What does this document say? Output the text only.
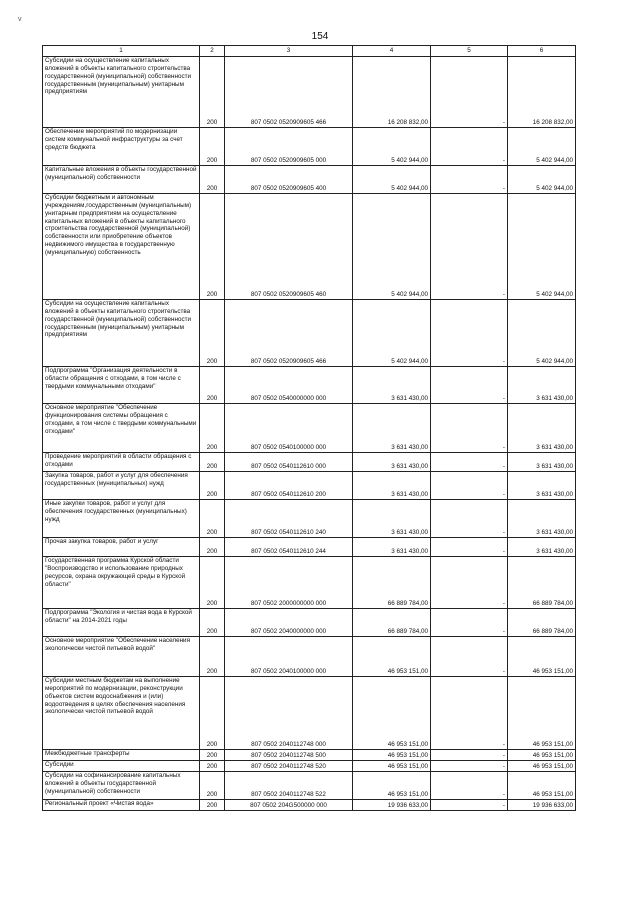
v
154
1	2	3	4	5	6
Субсидии на осуществление капитальных вложений в объекты капитального строительства государственной (муниципальной) собственности государственным (муниципальным) унитарным предприятиям	200	807 0502 0520909605 466	16 208 832,00	-	16 208 832,00
Обеспечение мероприятий по модернизации систем коммунальной инфраструктуры за счет средств бюджета	200	807 0502 0520909605 000	5 402 944,00	-	5 402 944,00
Капитальные вложения в объекты государственной (муниципальной) собственности	200	807 0502 0520909605 400	5 402 944,00	-	5 402 944,00
Субсидии бюджетным и автономным учреждениям,государственным (муниципальным) унитарным предприятиям на осуществление капитальных вложений в объекты капитального строительства государственной (муниципальной) собственности или приобретение объектов недвижимого имущества в государственную (муниципальную) собственность	200	807 0502 0520909605 460	5 402 944,00	-	5 402 944,00
Субсидии на осуществление капитальных вложений в объекты капитального строительства государственной (муниципальной) собственности государственным (муниципальным) унитарным предприятиям	200	807 0502 0520909605 466	5 402 944,00	-	5 402 944,00
Подпрограмма "Организация деятельности в области обращения с отходами, в том числе с твердыми коммунальными отходами"	200	807 0502 0540000000 000	3 631 430,00	-	3 631 430,00
Основное мероприятие "Обеспечение функционирования системы обращения с отходами, в том числе с твердыми коммунальными отходами"	200	807 0502 0540100000 000	3 631 430,00	-	3 631 430,00
Проведение мероприятий в области обращения с отходами	200	807 0502 0540112610 000	3 631 430,00	-	3 631 430,00
Закупка товаров, работ и услуг для обеспечения государственных (муниципальных) нужд	200	807 0502 0540112610 200	3 631 430,00	-	3 631 430,00
Иные закупки товаров, работ и услуг для обеспечения государственных (муниципальных) нужд	200	807 0502 0540112610 240	3 631 430,00	-	3 631 430,00
Прочая закупка товаров, работ и услуг	200	807 0502 0540112610 244	3 631 430,00	-	3 631 430,00
Государственная программа Курской области "Воспроизводство и использование природных ресурсов, охрана окружающей среды в Курской области"	200	807 0502 2000000000 000	66 889 784,00	-	66 889 784,00
Подпрограмма "Экология и чистая вода в Курской области" на 2014-2021 годы	200	807 0502 2040000000 000	66 889 784,00	-	66 889 784,00
Основное мероприятие "Обеспечение населения экологически чистой питьевой водой"	200	807 0502 2040100000 000	46 953 151,00	-	46 953 151,00
Субсидии местным бюджетам на выполнение мероприятий по модернизации, реконструкции объектов систем водоснабжения и (или) водоотведения в целях обеспечения населения экологически чистой питьевой водой	200	807 0502 2040112748 000	46 953 151,00	-	46 953 151,00
Межбюджетные трансферты	200	807 0502 2040112748 500	46 953 151,00	-	46 953 151,00
Субсидии	200	807 0502 2040112748 520	46 953 151,00	-	46 953 151,00
Субсидии на софинансирование капитальных вложений в объекты государственной (муниципальной) собственности	200	807 0502 2040112748 522	46 953 151,00	-	46 953 151,00
Региональный проект «Чистая вода»	200	807 0502 204G500000 000	19 936 633,00	-	19 936 633,00
